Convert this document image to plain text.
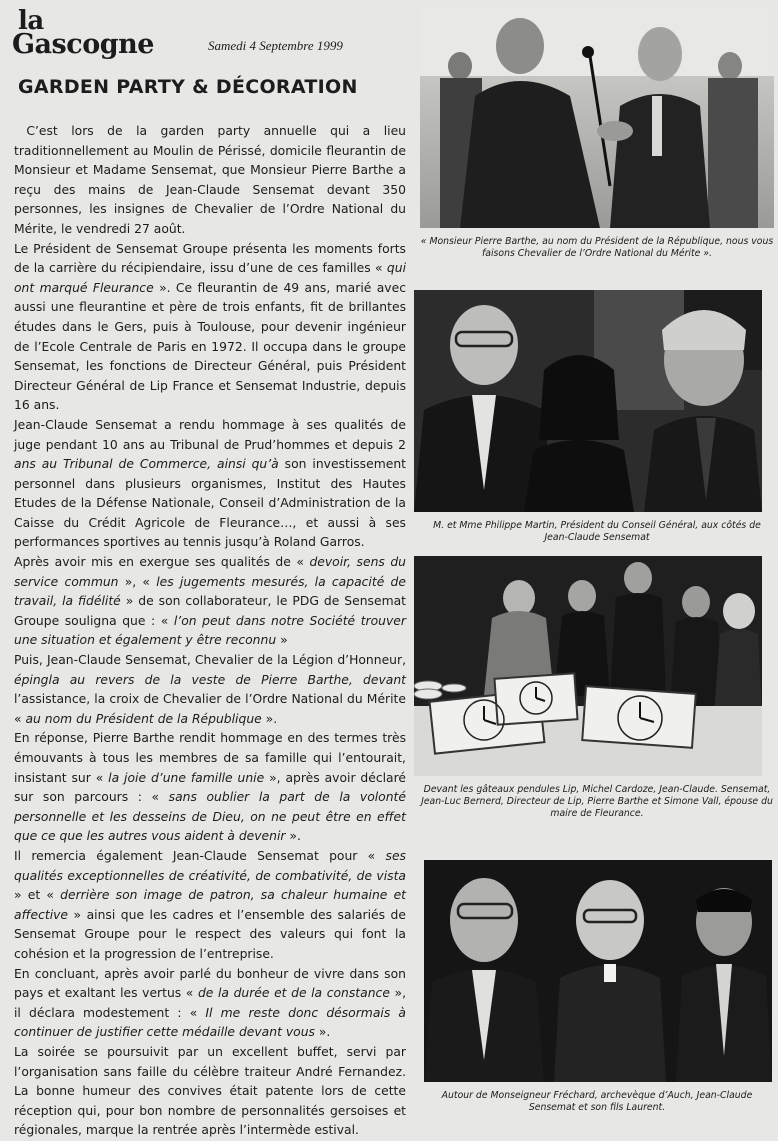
la
Gascogne	Samedi 4 Septembre 1999
GARDEN PARTY & DÉCORATION

C’est lors de la garden party annuelle qui a lieu traditionnellement au Moulin de Périssé, domicile fleurantin de Monsieur et Madame Sensemat, que Monsieur Pierre Barthe a reçu des mains de Jean-Claude Sensemat devant 350 personnes, les insignes de Chevalier de l’Ordre National du Mérite, le vendredi 27 août.

Le Président de Sensemat Groupe présenta les moments forts de la carrière du récipiendaire, issu d’une de ces familles « qui ont marqué Fleurance ». Ce fleurantin de 49 ans, marié avec aussi une fleurantine et père de trois enfants, fit de brillantes études dans le Gers, puis à Toulouse, pour devenir ingénieur de l’Ecole Centrale de Paris en 1972. Il occupa dans le groupe Sensemat, les fonctions de Directeur Général, puis Président Directeur Général de Lip France et Sensemat Industrie, depuis 16 ans.

Jean-Claude Sensemat a rendu hommage à ses qualités de juge pendant 10 ans au Tribunal de Prud’hommes et depuis 2 ans au Tribunal de Commerce, ainsi qu’à son investissement personnel dans plusieurs organismes, Institut des Hautes Etudes de la Défense Nationale, Conseil d’Administration de la Caisse du Crédit Agricole de Fleurance…, et aussi à ses performances sportives au tennis jusqu’à Roland Garros.

Après avoir mis en exergue ses qualités de « devoir, sens du service commun », « les jugements mesurés, la capacité de travail, la fidélité » de son collaborateur, le PDG de Sensemat Groupe souligna que : « l’on peut dans notre Société trouver une situation et également y être reconnu »

Puis, Jean-Claude Sensemat, Chevalier de la Légion d’Honneur, épingla au revers de la veste de Pierre Barthe, devant l’assistance, la croix de Chevalier de l’Ordre National du Mérite « au nom du Président de la République ».

En réponse, Pierre Barthe rendit hommage en des termes très émouvants à tous les membres de sa famille qui l’entourait, insistant sur « la joie d’une famille unie », après avoir déclaré sur son parcours : « sans oublier la part de la volonté personnelle et les desseins de Dieu, on ne peut être en effet que ce que les autres vous aident à devenir ».

Il remercia également Jean-Claude Sensemat pour « ses qualités exceptionnelles de créativité, de combativité, de vista » et « derrière son image de patron, sa chaleur humaine et affective » ainsi que les cadres et l’ensemble des salariés de Sensemat Groupe pour le respect des valeurs qui font la cohésion et la progression de l’entreprise.

En concluant, après avoir parlé du bonheur de vivre dans son pays et exaltant les vertus « de la durée et de la constance », il déclara modestement : « Il me reste donc désormais à continuer de justifier cette médaille devant vous ».

La soirée se poursuivit par un excellent buffet, servi par l’organisation sans faille du célèbre traiteur André Fernandez. La bonne humeur des convives était patente lors de cette réception qui, pour bon nombre de personnalités gersoises et régionales, marque la rentrée après l’intermède estival.

« Monsieur Pierre Barthe, au nom du Président de la République, nous vous faisons Chevalier de l’Ordre National du Mérite ».
M. et Mme Philippe Martin, Président du Conseil Général, aux côtés de Jean-Claude Sensemat
Devant les gâteaux pendules Lip, Michel Cardoze, Jean-Claude. Sensemat, Jean-Luc Bernerd, Directeur de Lip, Pierre Barthe et Simone Vall, épouse du maire de Fleurance.
Autour de Monseigneur Fréchard, archevèque d’Auch, Jean-Claude Sensemat et son fils Laurent.
